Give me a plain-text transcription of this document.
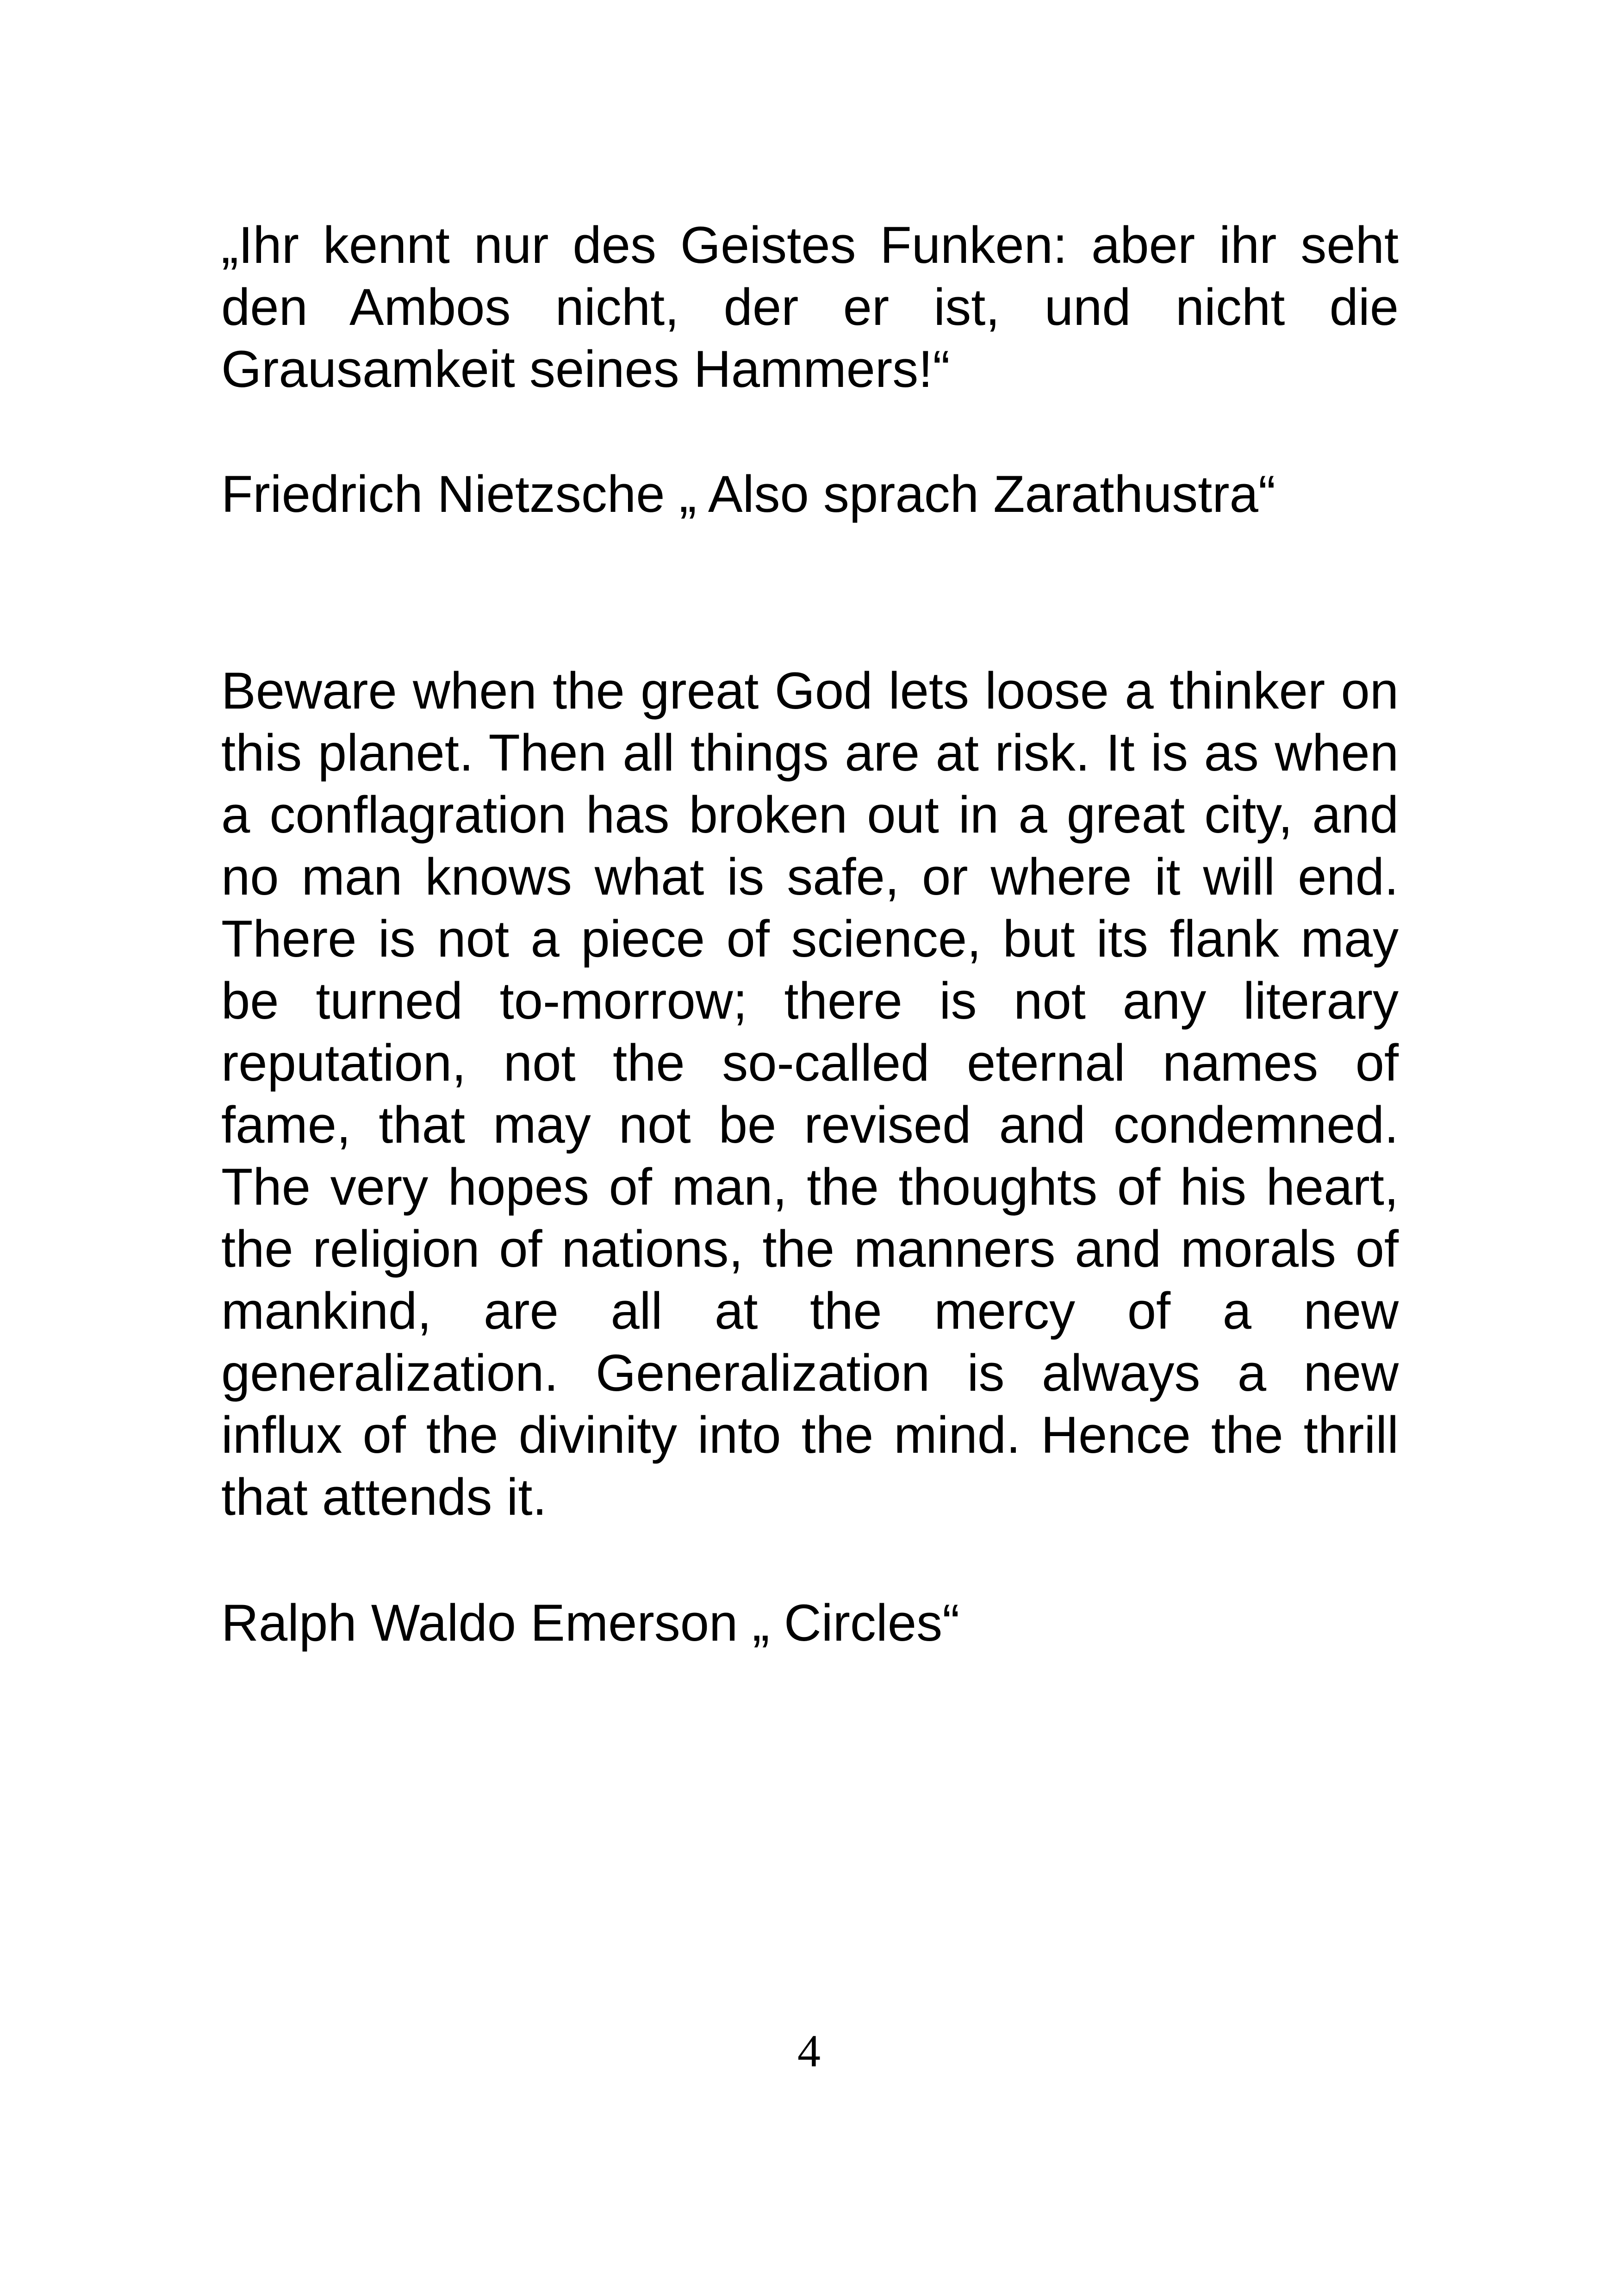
„Ihr kennt nur des Geistes Funken: aber ihr seht den Ambos nicht, der er ist, und nicht die Grausamkeit seines Hammers!“

Friedrich Nietzsche „ Also sprach Zarathustra“

Beware when the great God lets loose a thinker on this planet. Then all things are at risk. It is as when a conflagration has broken out in a great city, and no man knows what is safe, or where it will end. There is not a piece of science, but its flank may be turned to-morrow; there is not any literary reputation, not the so-called eternal names of fame, that may not be revised and condemned. The very hopes of man, the thoughts of his heart, the religion of nations, the manners and morals of mankind, are all at the mercy of a new generalization. Generalization is always a new influx of the divinity into the mind. Hence the thrill that attends it.

Ralph Waldo Emerson „ Circles“

4
